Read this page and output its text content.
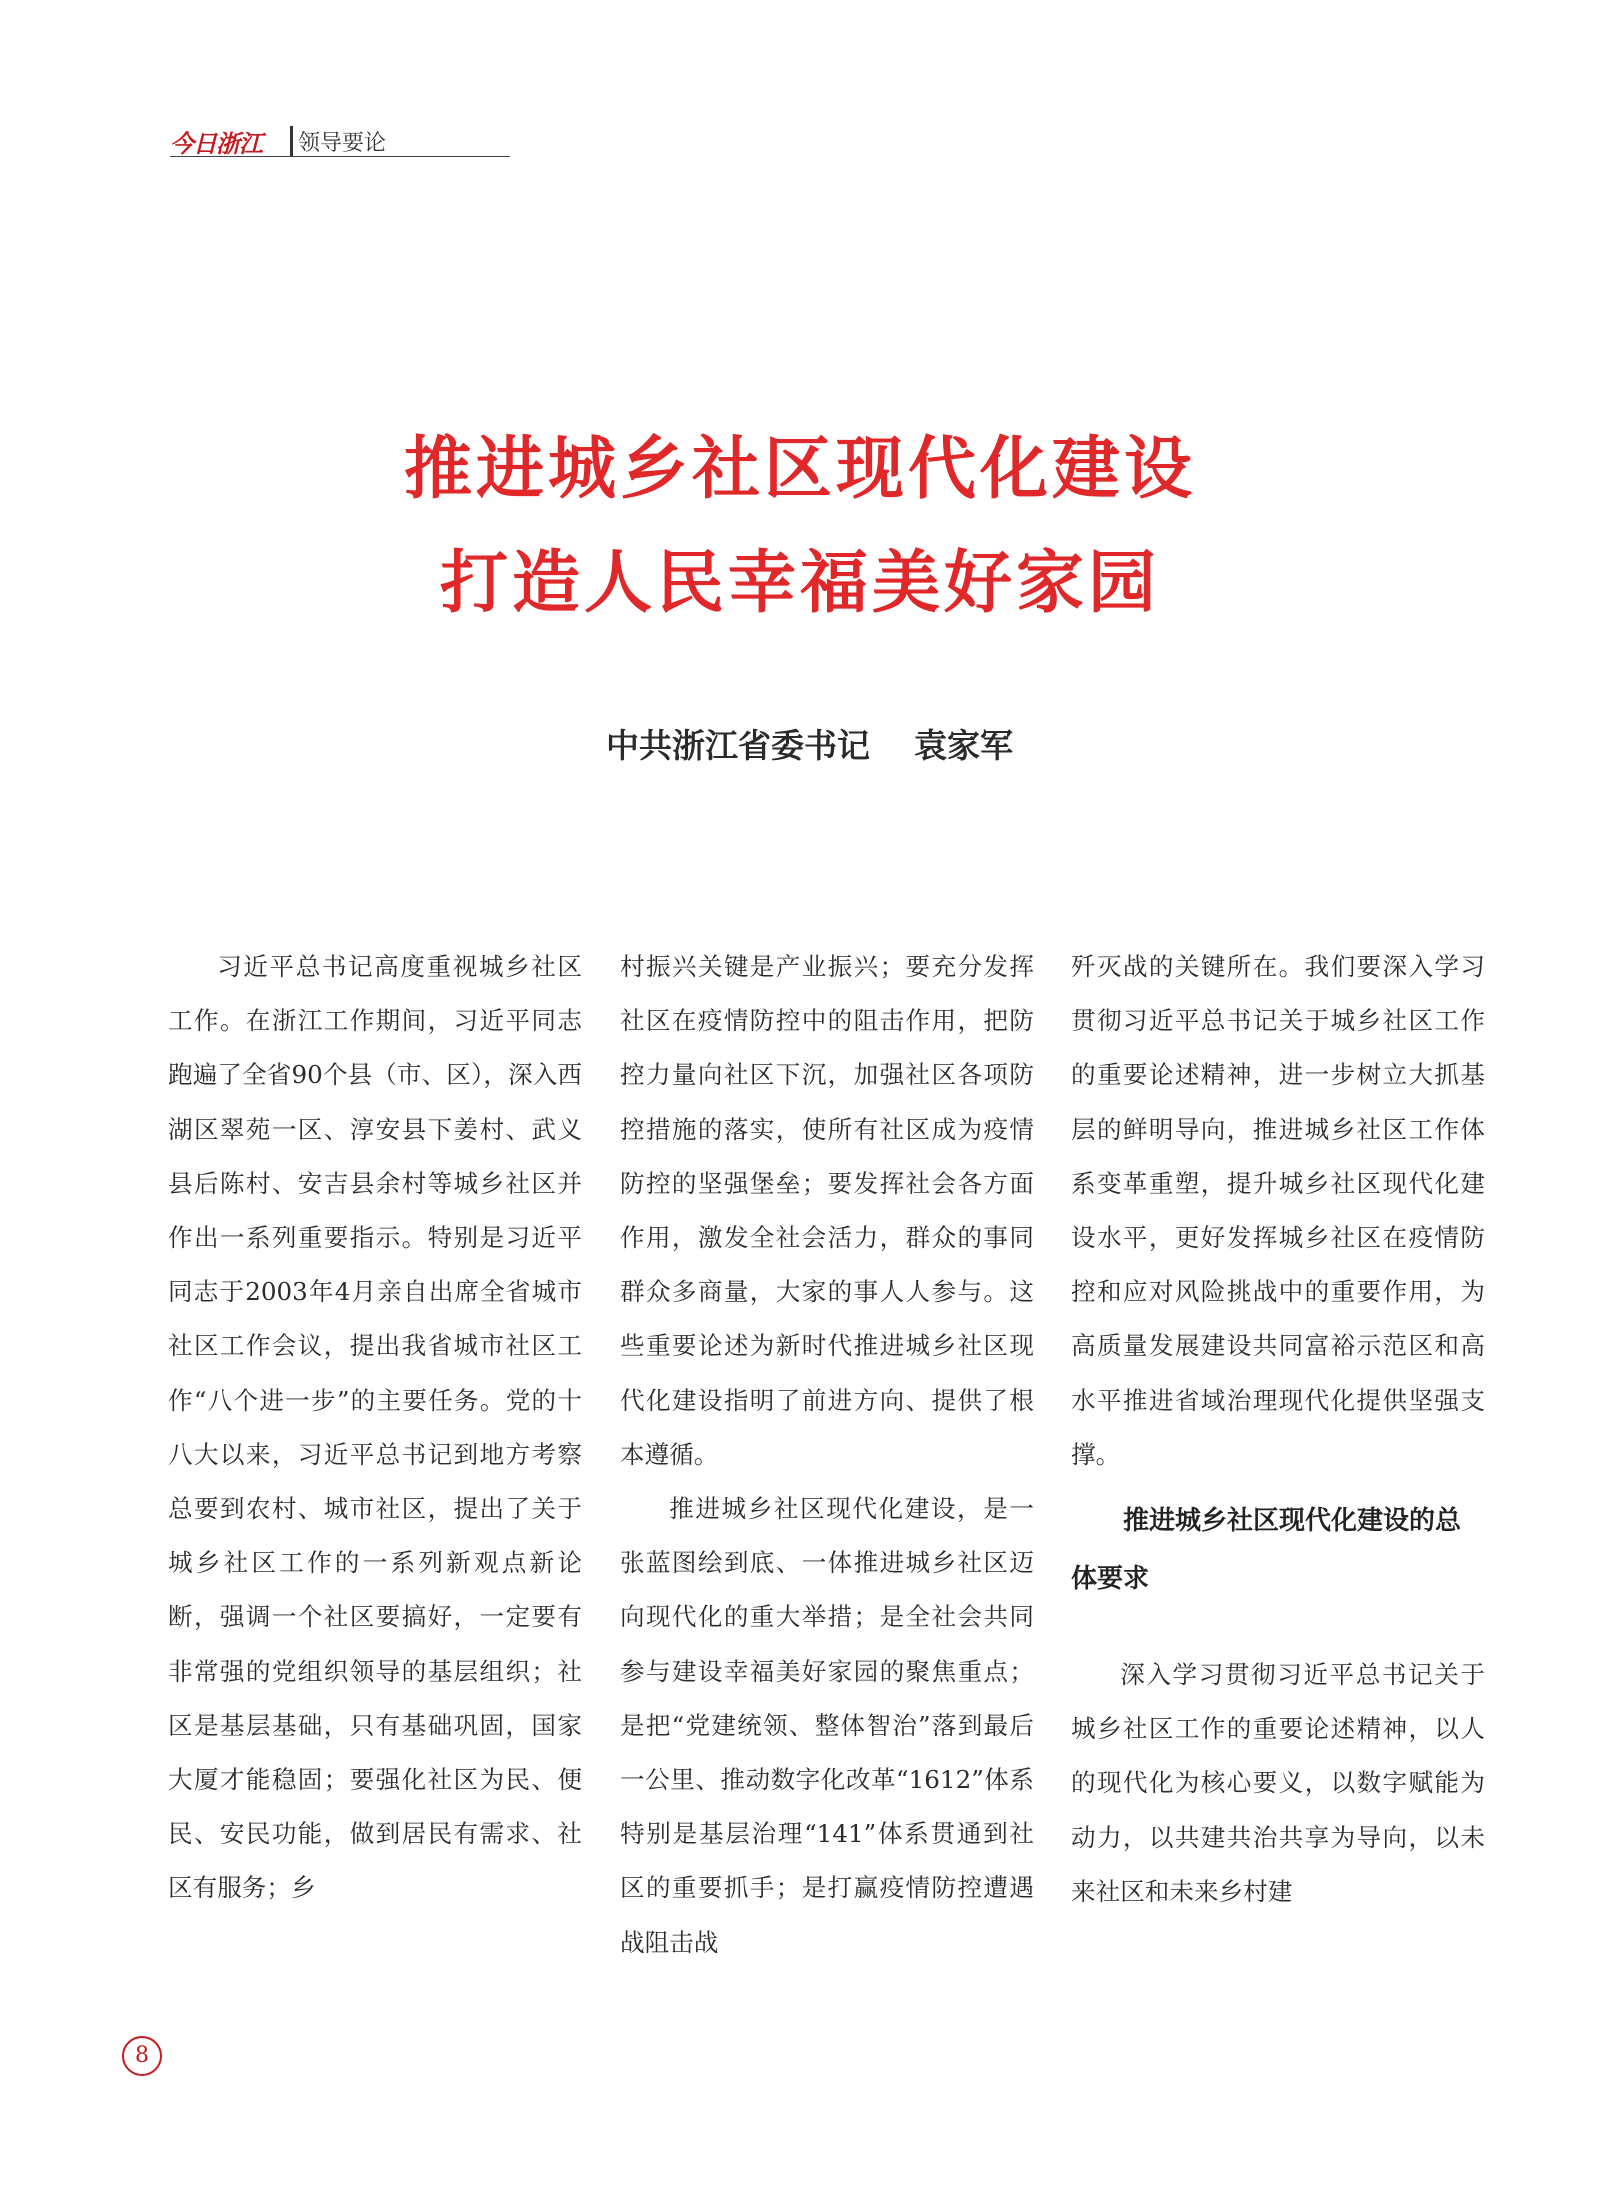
今日浙江 领导要论
推进城乡社区现代化建设
打造人民幸福美好家园
中共浙江省委书记 袁家军

习近平总书记高度重视城乡社区工作。在浙江工作期间，习近平同志跑遍了全省90个县（市、区），深入西湖区翠苑一区、淳安县下姜村、武义县后陈村、安吉县余村等城乡社区并作出一系列重要指示。特别是习近平同志于2003年4月亲自出席全省城市社区工作会议，提出我省城市社区工作“八个进一步”的主要任务。党的十八大以来，习近平总书记到地方考察总要到农村、城市社区，提出了关于城乡社区工作的一系列新观点新论断，强调一个社区要搞好，一定要有非常强的党组织领导的基层组织；社区是基层基础，只有基础巩固，国家大厦才能稳固；要强化社区为民、便民、安民功能，做到居民有需求、社区有服务；乡

村振兴关键是产业振兴；要充分发挥社区在疫情防控中的阻击作用，把防控力量向社区下沉，加强社区各项防控措施的落实，使所有社区成为疫情防控的坚强堡垒；要发挥社会各方面作用，激发全社会活力，群众的事同群众多商量，大家的事人人参与。这些重要论述为新时代推进城乡社区现代化建设指明了前进方向、提供了根本遵循。

推进城乡社区现代化建设，是一张蓝图绘到底、一体推进城乡社区迈向现代化的重大举措；是全社会共同参与建设幸福美好家园的聚焦重点；是把“党建统领、整体智治”落到最后一公里、推动数字化改革“1612”体系特别是基层治理“141”体系贯通到社区的重要抓手；是打赢疫情防控遭遇战阻击战

歼灭战的关键所在。我们要深入学习贯彻习近平总书记关于城乡社区工作的重要论述精神，进一步树立大抓基层的鲜明导向，推进城乡社区工作体系变革重塑，提升城乡社区现代化建设水平，更好发挥城乡社区在疫情防控和应对风险挑战中的重要作用，为高质量发展建设共同富裕示范区和高水平推进省域治理现代化提供坚强支撑。

推进城乡社区现代化建设的总体要求

深入学习贯彻习近平总书记关于城乡社区工作的重要论述精神，以人的现代化为核心要义，以数字赋能为动力，以共建共治共享为导向，以未来社区和未来乡村建

8
